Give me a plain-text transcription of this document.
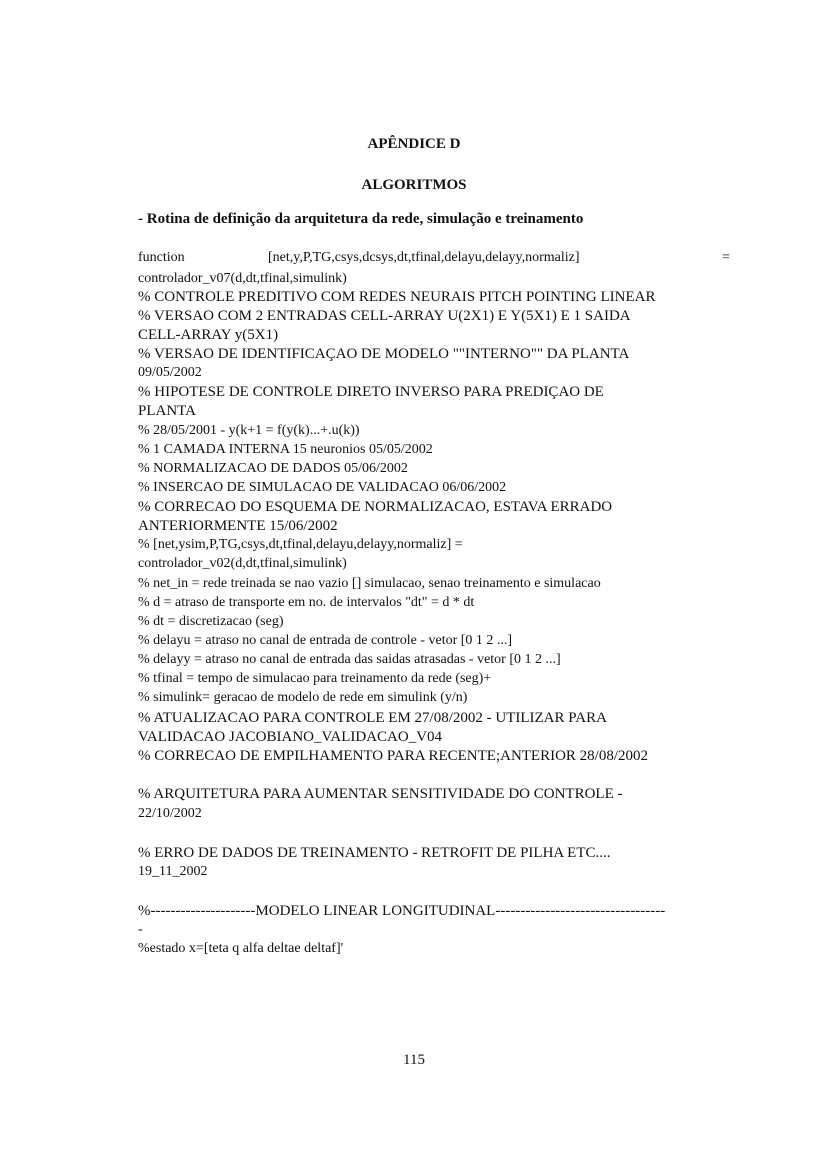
APÊNDICE D
ALGORITMOS
- Rotina de definição da arquitetura da rede, simulação e treinamento
function	[net,y,P,TG,csys,dcsys,dt,tfinal,delayu,delayy,normaliz]	=
controlador_v07(d,dt,tfinal,simulink)
% CONTROLE PREDITIVO COM REDES NEURAIS PITCH POINTING LINEAR
% VERSAO COM 2 ENTRADAS CELL-ARRAY U(2X1) E Y(5X1) E 1 SAIDA
CELL-ARRAY y(5X1)
% VERSAO DE IDENTIFICAÇAO DE MODELO ""INTERNO"" DA PLANTA
09/05/2002
% HIPOTESE DE CONTROLE DIRETO INVERSO PARA PREDIÇAO DE
PLANTA
% 28/05/2001 - y(k+1 = f(y(k)...+.u(k))
% 1 CAMADA INTERNA 15 neuronios 05/05/2002
% NORMALIZACAO DE DADOS 05/06/2002
% INSERCAO DE SIMULACAO DE VALIDACAO 06/06/2002
% CORRECAO DO ESQUEMA DE NORMALIZACAO, ESTAVA ERRADO
ANTERIORMENTE 15/06/2002
% [net,ysim,P,TG,csys,dt,tfinal,delayu,delayy,normaliz] =
controlador_v02(d,dt,tfinal,simulink)
% net_in = rede treinada se nao vazio [] simulacao, senao treinamento e simulacao
% d = atraso de transporte em no. de intervalos "dt" = d * dt
% dt = discretizacao (seg)
% delayu = atraso no canal de entrada de controle - vetor [0 1 2 ...]
% delayy = atraso no canal de entrada das saidas atrasadas - vetor [0 1 2 ...]
% tfinal = tempo de simulacao para treinamento da rede (seg)+
% simulink= geracao de modelo de rede em simulink (y/n)
% ATUALIZACAO PARA CONTROLE EM 27/08/2002 - UTILIZAR PARA
VALIDACAO JACOBIANO_VALIDACAO_V04
% CORRECAO DE EMPILHAMENTO PARA RECENTE;ANTERIOR 28/08/2002
% ARQUITETURA PARA AUMENTAR SENSITIVIDADE DO CONTROLE -
22/10/2002
% ERRO DE DADOS DE TREINAMENTO - RETROFIT DE PILHA ETC....
19_11_2002
%---------------------MODELO LINEAR LONGITUDINAL----------------------------------
-
%estado x=[teta q alfa deltae deltaf]'
115
